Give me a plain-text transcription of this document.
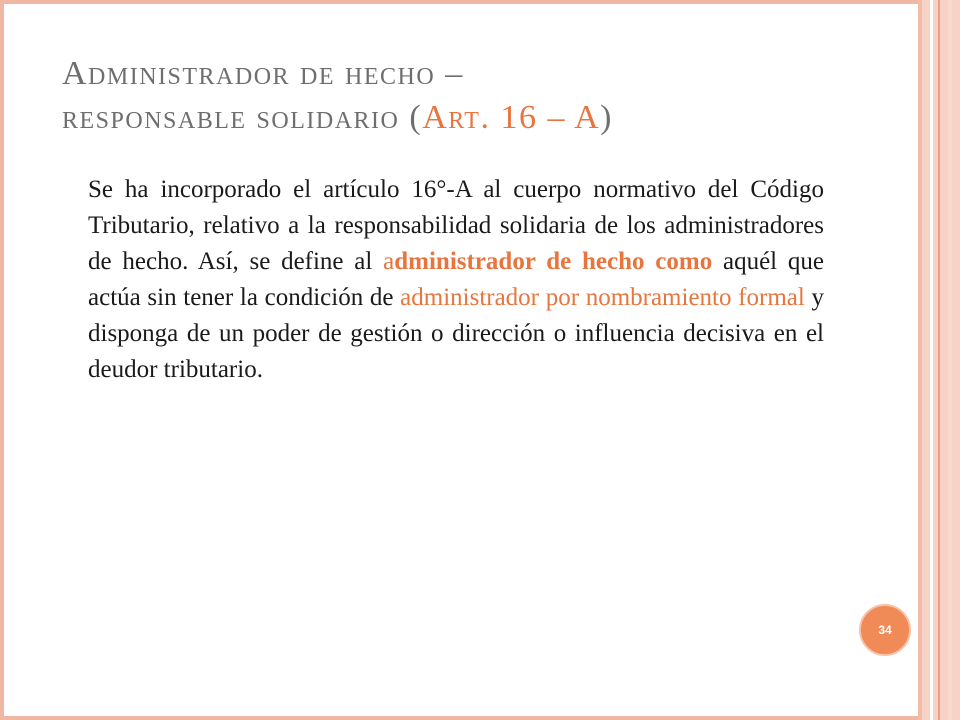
Administrador de hecho –
responsable solidario (Art. 16 – A)

Se ha incorporado el artículo 16°-A al cuerpo normativo del Código Tributario, relativo a la responsabilidad solidaria de los administradores de hecho. Así, se define al administrador de hecho como aquél que actúa sin tener la condición de administrador por nombramiento formal y disponga de un poder de gestión o dirección o influencia decisiva en el deudor tributario.

34
